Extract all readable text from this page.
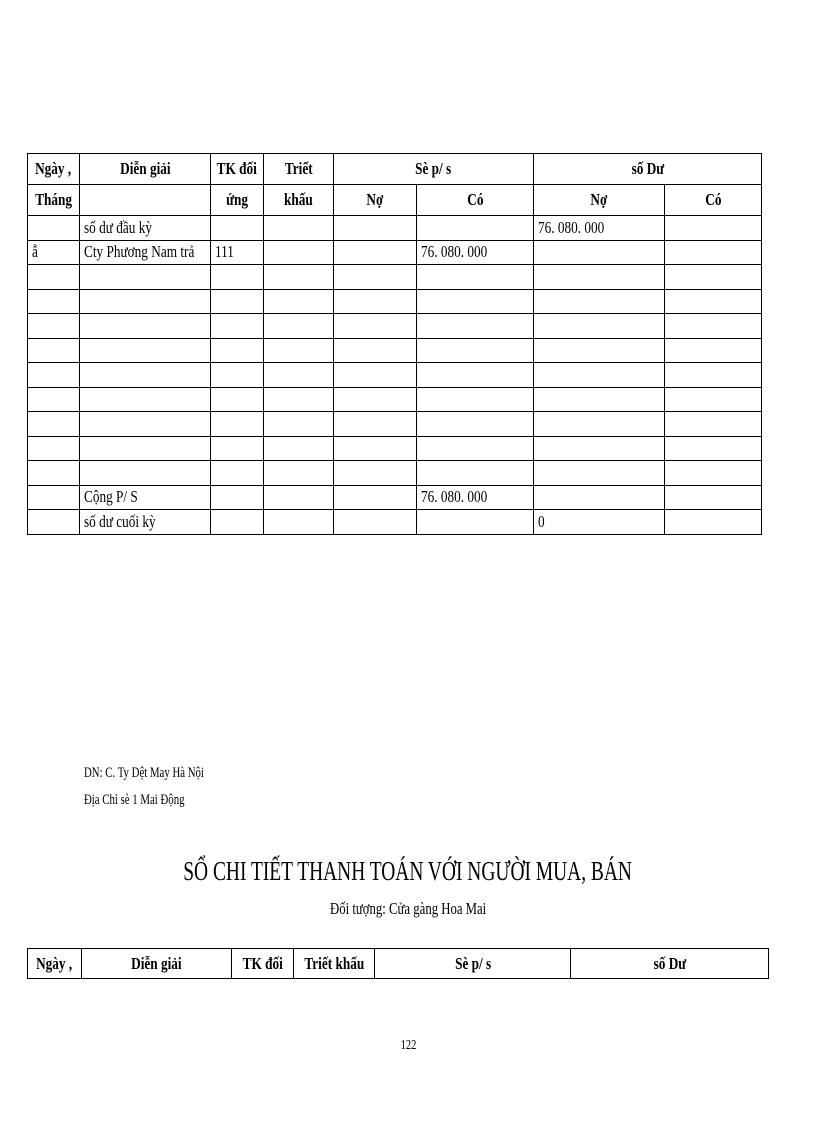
Ngày ,	Diễn giải	TK đối	Triết	Sè p/ s		số Dư	
Tháng		ứng	khấu	Nợ	Có	Nợ	Có
	số dư đầu kỳ					76. 080. 000	
ẫ	Cty Phương Nam trả	111			76. 080. 000		

	Cộng P/ S				76. 080. 000		
	số dư cuối kỳ					0	
DN: C. Ty Dệt May Hà Nội
Địa Chỉ sè 1 Mai Động
SỔ CHI TIẾT THANH TOÁN VỚI NGƯỜI MUA, BÁN
Đối tượng: Cửa gàng Hoa Mai
Ngày ,	Diễn giải	TK đối	Triết khấu	Sè p/ s	số Dư
122
